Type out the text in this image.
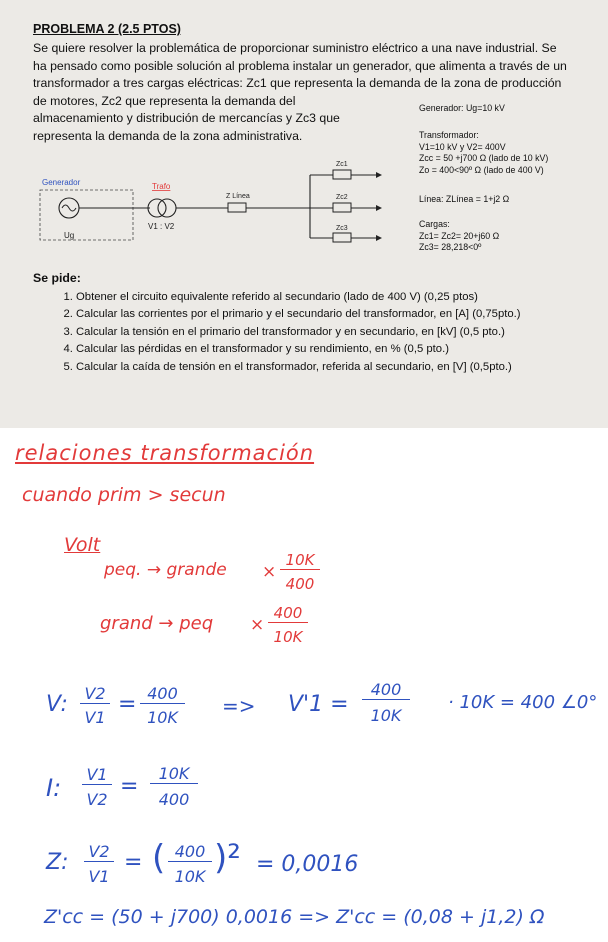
PROBLEMA 2 (2.5 PTOS)
Se quiere resolver la problemática de proporcionar suministro eléctrico a una nave industrial. Se
ha pensado como posible solución al problema instalar un generador, que alimenta a través de un
transformador a tres cargas eléctricas: Zc1 que representa la demanda de la zona de producción
de motores, Zc2 que representa la demanda del
almacenamiento y distribución de mercancías y Zc3 que
representa la demanda de la zona administrativa.
Generador: Ug=10 kV
Transformador:
V1=10 kV y V2= 400V
Zcc = 50 +j700 Ω (lado de 10 kV)
Zo = 400<90º Ω (lado de 400 V)
Línea: ZLínea = 1+j2 Ω
Cargas:
Zc1= Zc2= 20+j60 Ω
Zc3= 28,218<0º
Generador
Ug
Trafo
V1 : V2
Z Línea
Zc1
Zc2
Zc3
Se pide:
1. Obtener el circuito equivalente referido al secundario (lado de 400 V) (0,25 ptos)
2. Calcular las corrientes por el primario y el secundario del transformador, en [A] (0,75pto.)
3. Calcular la tensión en el primario del transformador y en secundario, en [kV] (0,5 pto.)
4. Calcular las pérdidas en el transformador y su rendimiento, en % (0,5 pto.)
5. Calcular la caída de tensión en el transformador, referida al secundario, en [V] (0,5pto.)
relaciones transformación
cuando prim > secun
Volt
peq. → grande ×
10K
400
grand → peq ×
400
10K
V: V2
V1
= 400
10K	=> V'1 =
400
10K
· 10K = 400 ∠0°
I: V1
V2
=
10K
400
Z: V2
V1
= ( 400
10K )² = 0,0016
Z'cc = (50 + j700) 0,0016 => Z'cc = (0,08 + j1,2) Ω
